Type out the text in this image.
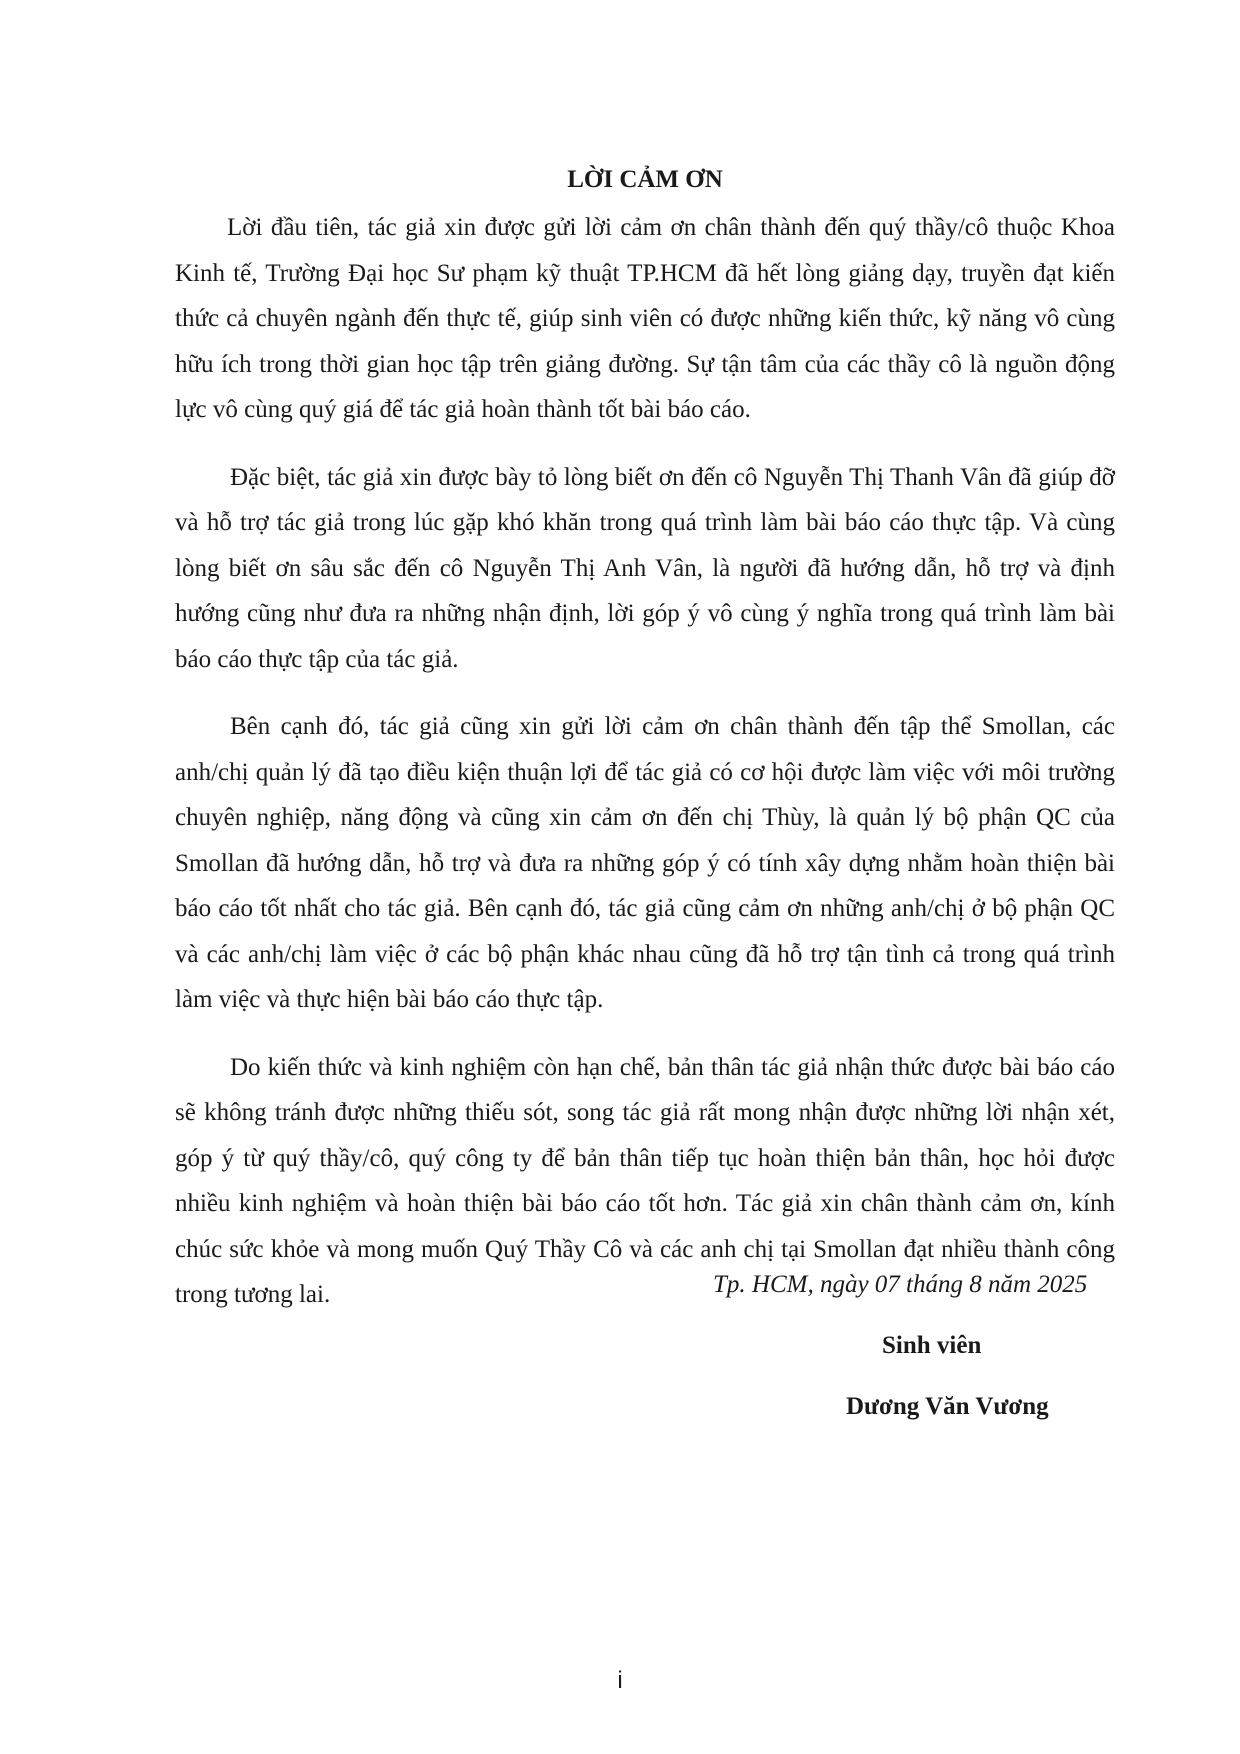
LỜI CẢM ƠN

Lời đầu tiên, tác giả xin được gửi lời cảm ơn chân thành đến quý thầy/cô thuộc Khoa Kinh tế, Trường Đại học Sư phạm kỹ thuật TP.HCM đã hết lòng giảng dạy, truyền đạt kiến thức cả chuyên ngành đến thực tế, giúp sinh viên có được những kiến thức, kỹ năng vô cùng hữu ích trong thời gian học tập trên giảng đường. Sự tận tâm của các thầy cô là nguồn động lực vô cùng quý giá để tác giả hoàn thành tốt bài báo cáo.

Đặc biệt, tác giả xin được bày tỏ lòng biết ơn đến cô Nguyễn Thị Thanh Vân đã giúp đỡ và hỗ trợ tác giả trong lúc gặp khó khăn trong quá trình làm bài báo cáo thực tập. Và cùng lòng biết ơn sâu sắc đến cô Nguyễn Thị Anh Vân, là người đã hướng dẫn, hỗ trợ và định hướng cũng như đưa ra những nhận định, lời góp ý vô cùng ý nghĩa trong quá trình làm bài báo cáo thực tập của tác giả.

Bên cạnh đó, tác giả cũng xin gửi lời cảm ơn chân thành đến tập thể Smollan, các anh/chị quản lý đã tạo điều kiện thuận lợi để tác giả có cơ hội được làm việc với môi trường chuyên nghiệp, năng động và cũng xin cảm ơn đến chị Thùy, là quản lý bộ phận QC của Smollan đã hướng dẫn, hỗ trợ và đưa ra những góp ý có tính xây dựng nhằm hoàn thiện bài báo cáo tốt nhất cho tác giả. Bên cạnh đó, tác giả cũng cảm ơn những anh/chị ở bộ phận QC và các anh/chị làm việc ở các bộ phận khác nhau cũng đã hỗ trợ tận tình cả trong quá trình làm việc và thực hiện bài báo cáo thực tập.

Do kiến thức và kinh nghiệm còn hạn chế, bản thân tác giả nhận thức được bài báo cáo sẽ không tránh được những thiếu sót, song tác giả rất mong nhận được những lời nhận xét, góp ý từ quý thầy/cô, quý công ty để bản thân tiếp tục hoàn thiện bản thân, học hỏi được nhiều kinh nghiệm và hoàn thiện bài báo cáo tốt hơn. Tác giả xin chân thành cảm ơn, kính chúc sức khỏe và mong muốn Quý Thầy Cô và các anh chị tại Smollan đạt nhiều thành công trong tương lai.	Tp. HCM, ngày 07 tháng 8 năm 2025
Sinh viên
Dương Văn Vương
i
